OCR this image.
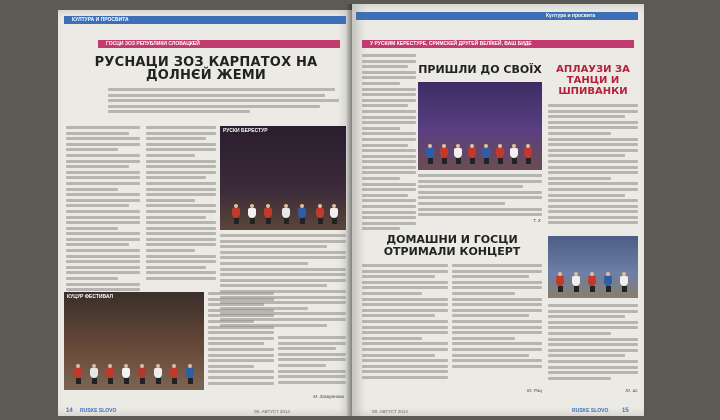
КУЛТУРА И ПРОСВИТА
ГОСЦИ ЗОЗ РЕПУБЛИКИ СЛОВАЦКЕЙ
РУСНАЦИ ЗОЗ КАРПАТОХ НА ДОЛНЄЙ ЖЕМИ
РУСКИ БЕРЕСТУР
КУЦУР ФЕСТИВАЛ
М. Загорянова
14 RUSKE SLOVO	08. АВГУСТ 2014
Култура и просвита
У РУСКИМ КЕРЕСТУРЕ, СРИМСКЕЙ ДРУГЕЙ ВЕЛЇКЕЙ, ВАШ БИДЕ
ПРИШЛИ ДО СВОЇХ
Т. Х.
АПЛАУЗИ ЗА ТАНЦИ И ШПИВАНКИ
ДОМАШНИ И ГОСЦИ ОТРИМАЛИ КОНЦЕРТ
Ю. Рац	Ю. Ш.
08. АВГУСТ 2014	RUSKE SLOVO 15
